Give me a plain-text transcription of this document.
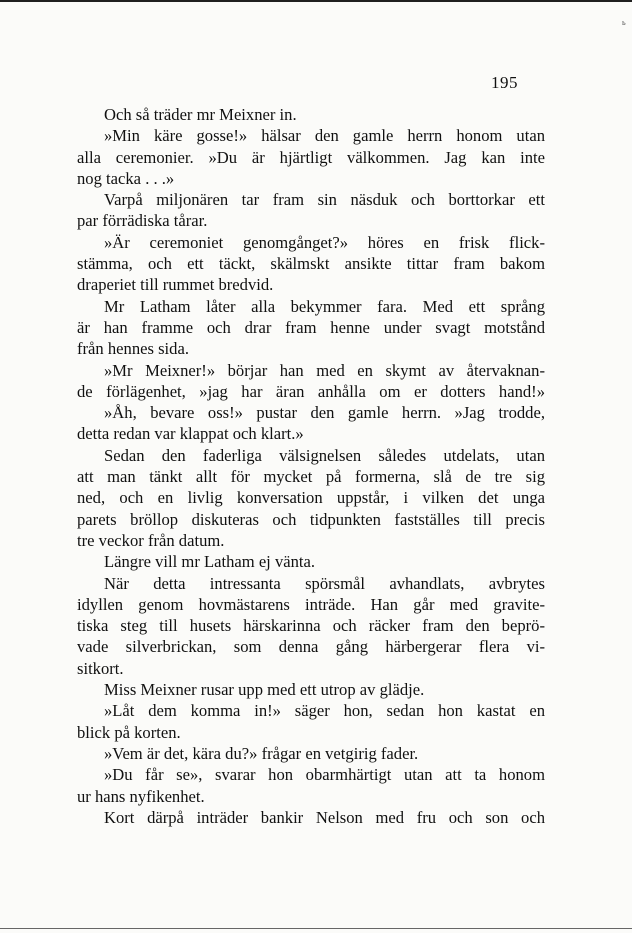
ь
195
Och så träder mr Meixner in.
»Min käre gosse!» hälsar den gamle herrn honom utan
alla ceremonier. »Du är hjärtligt välkommen. Jag kan inte
nog tacka . . .»
Varpå miljonären tar fram sin näsduk och borttorkar ett
par förrädiska tårar.
»Är ceremoniet genomgånget?» höres en frisk flick-
stämma, och ett täckt, skälmskt ansikte tittar fram bakom
draperiet till rummet bredvid.
Mr Latham låter alla bekymmer fara. Med ett språng
är han framme och drar fram henne under svagt motstånd
från hennes sida.
»Mr Meixner!» börjar han med en skymt av återvaknan-
de förlägenhet, »jag har äran anhålla om er dotters hand!»
»Åh, bevare oss!» pustar den gamle herrn. »Jag trodde,
detta redan var klappat och klart.»
Sedan den faderliga välsignelsen således utdelats, utan
att man tänkt allt för mycket på formerna, slå de tre sig
ned, och en livlig konversation uppstår, i vilken det unga
parets bröllop diskuteras och tidpunkten fastställes till precis
tre veckor från datum.
Längre vill mr Latham ej vänta.
När detta intressanta spörsmål avhandlats, avbrytes
idyllen genom hovmästarens inträde. Han går med gravite-
tiska steg till husets härskarinna och räcker fram den beprö-
vade silverbrickan, som denna gång härbergerar flera vi-
sitkort.
Miss Meixner rusar upp med ett utrop av glädje.
»Låt dem komma in!» säger hon, sedan hon kastat en
blick på korten.
»Vem är det, kära du?» frågar en vetgirig fader.
»Du får se», svarar hon obarmhärtigt utan att ta honom
ur hans nyfikenhet.
Kort därpå inträder bankir Nelson med fru och son och
